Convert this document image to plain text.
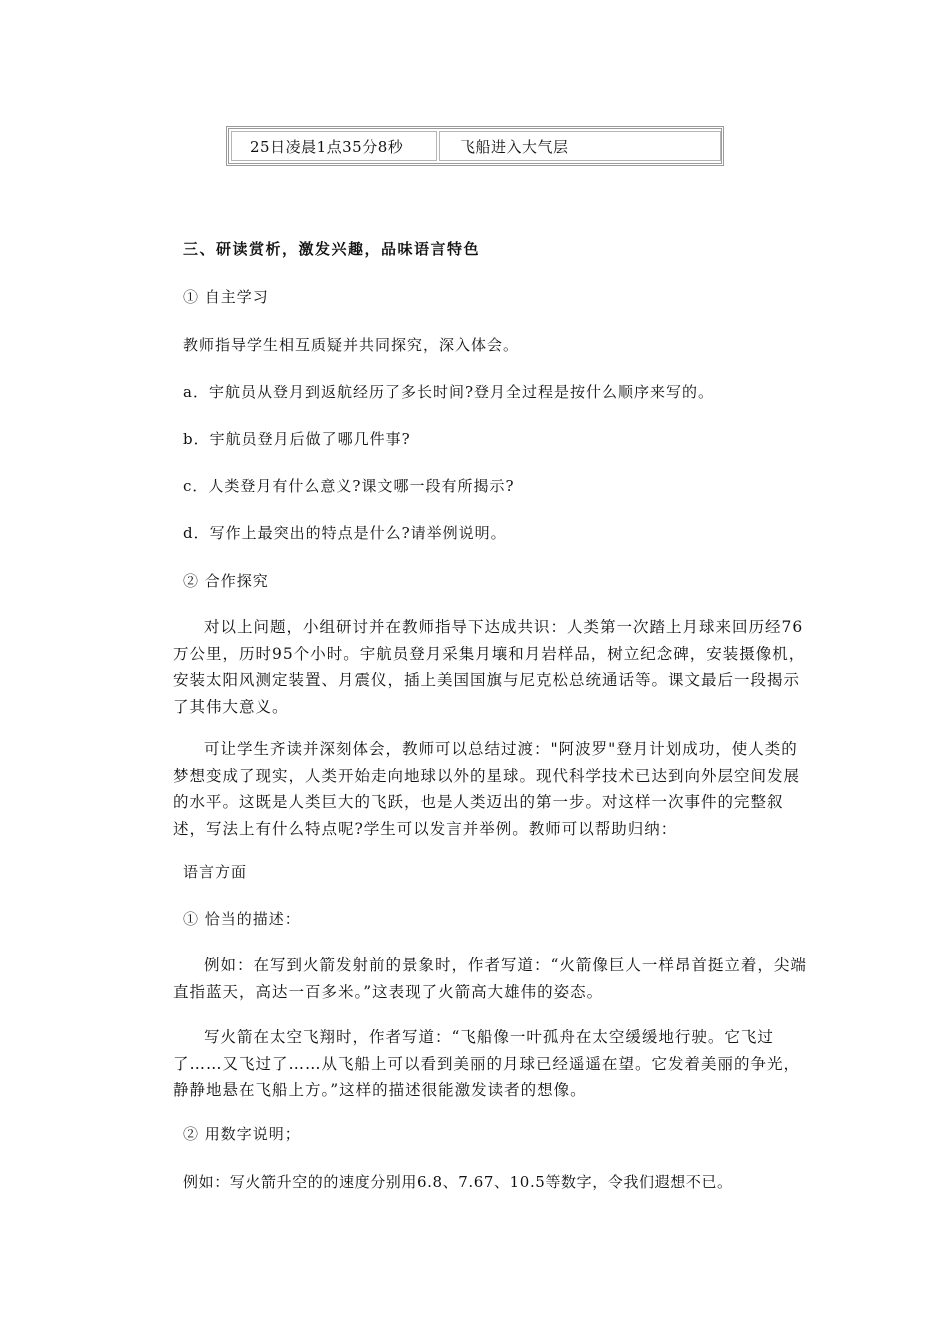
25日凌晨1点35分8秒	飞船进入大气层
三、研读赏析，激发兴趣，品味语言特色
① 自主学习
教师指导学生相互质疑并共同探究，深入体会。
a．宇航员从登月到返航经历了多长时间?登月全过程是按什么顺序来写的。
b．宇航员登月后做了哪几件事?
c．人类登月有什么意义?课文哪一段有所揭示?
d．写作上最突出的特点是什么?请举例说明。
② 合作探究

对以上问题，小组研讨并在教师指导下达成共识：人类第一次踏上月球来回历经76万公里，历时95个小时。宇航员登月采集月壤和月岩样品，树立纪念碑，安装摄像机，安装太阳风测定装置、月震仪，插上美国国旗与尼克松总统通话等。课文最后一段揭示了其伟大意义。

可让学生齐读并深刻体会，教师可以总结过渡："阿波罗"登月计划成功，使人类的梦想变成了现实，人类开始走向地球以外的星球。现代科学技术已达到向外层空间发展的水平。这既是人类巨大的飞跃，也是人类迈出的第一步。对这样一次事件的完整叙述，写法上有什么特点呢?学生可以发言并举例。教师可以帮助归纳：

语言方面
① 恰当的描述：

例如：在写到火箭发射前的景象时，作者写道：“火箭像巨人一样昂首挺立着，尖端直指蓝天，高达一百多米。”这表现了火箭高大雄伟的姿态。

写火箭在太空飞翔时，作者写道：“飞船像一叶孤舟在太空缓缓地行驶。它飞过了……又飞过了……从飞船上可以看到美丽的月球已经遥遥在望。它发着美丽的争光，静静地悬在飞船上方。”这样的描述很能激发读者的想像。

② 用数字说明；
例如：写火箭升空的的速度分别用6.8、7.67、10.5等数字，令我们遐想不已。
